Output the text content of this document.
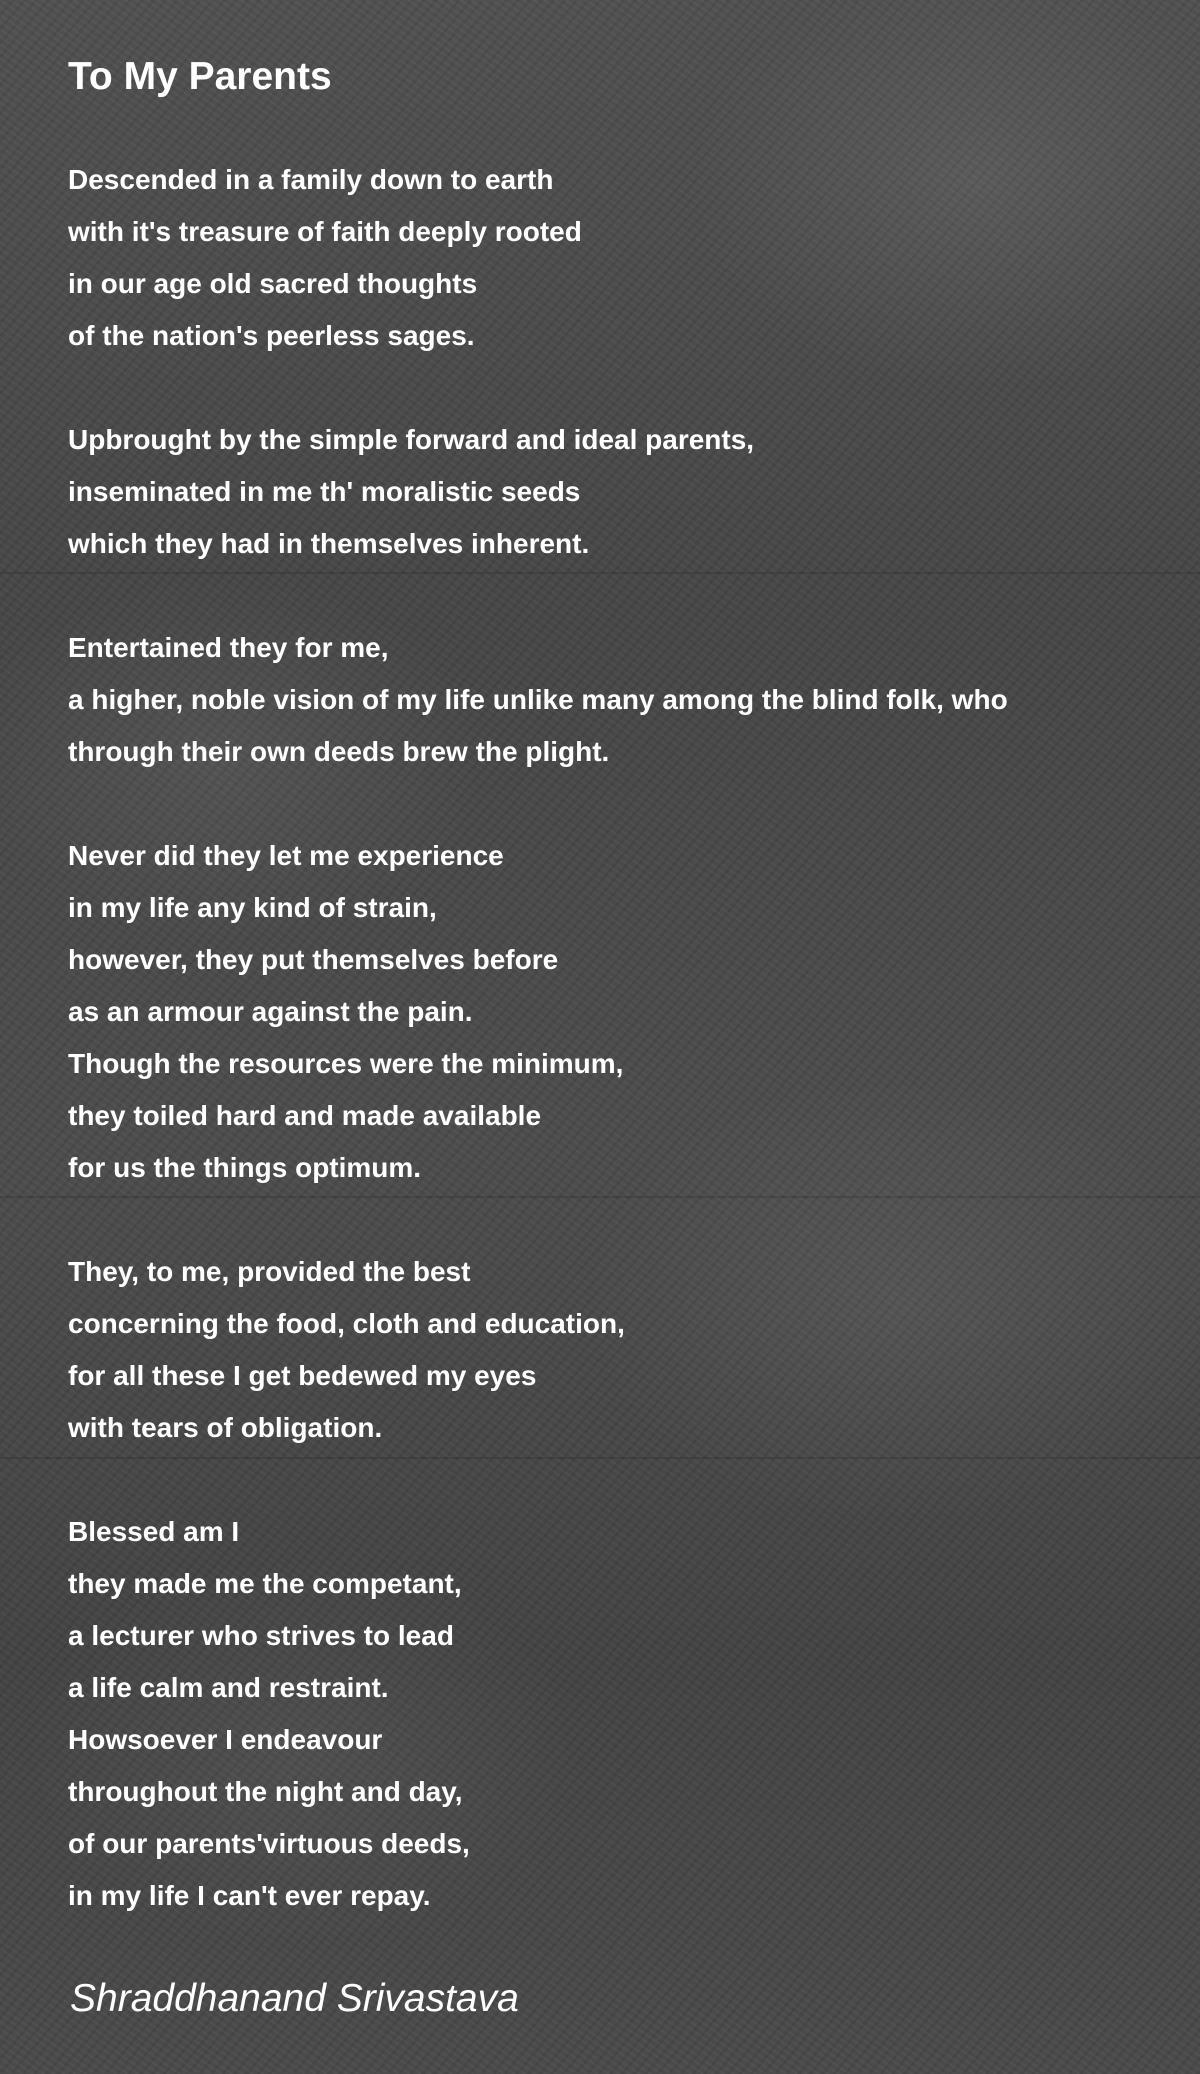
To My Parents

Descended in a family down to earth
with it's treasure of faith deeply rooted
in our age old sacred thoughts
of the nation's peerless sages.

Upbrought by the simple forward and ideal parents,
inseminated in me th' moralistic seeds
which they had in themselves inherent.

Entertained they for me,
a higher, noble vision of my life unlike many among the blind folk, who
through their own deeds brew the plight.

Never did they let me experience
in my life any kind of strain,
however, they put themselves before
as an armour against the pain.
Though the resources were the minimum,
they toiled hard and made available
for us the things optimum.

They, to me, provided the best
concerning the food, cloth and education,
for all these I get bedewed my eyes
with tears of obligation.

Blessed am I
they made me the competant,
a lecturer who strives to lead
a life calm and restraint.
Howsoever I endeavour
throughout the night and day,
of our parents'virtuous deeds,
in my life I can't ever repay.

Shraddhanand Srivastava
